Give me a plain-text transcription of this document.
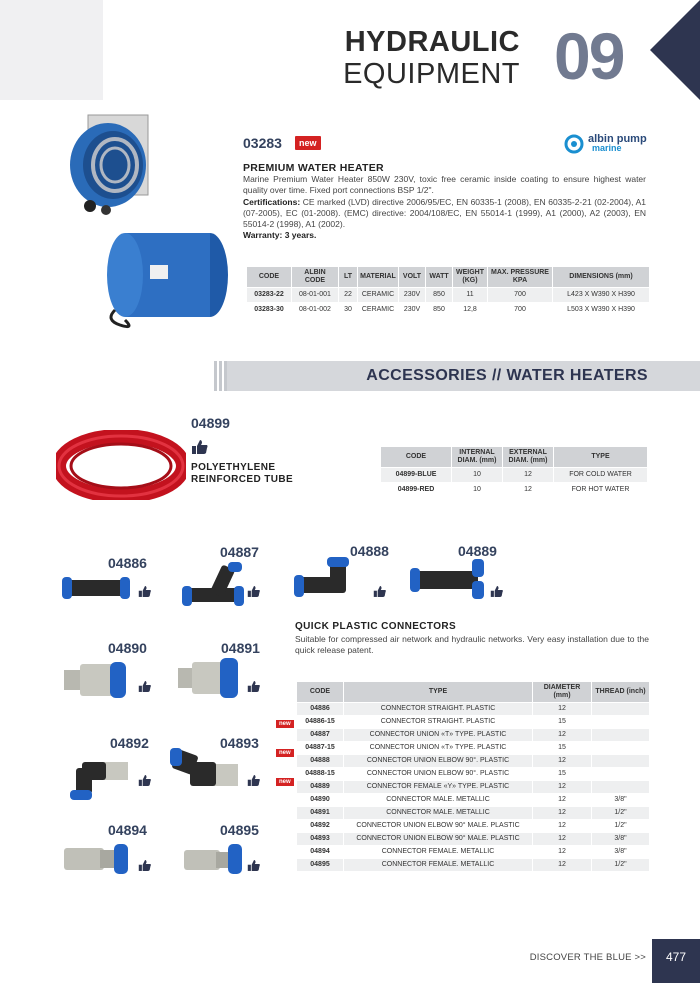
HYDRAULIC
EQUIPMENT 09
03283	new	albin pump
marine
PREMIUM WATER HEATER
Marine Premium Water Heater 850W 230V, toxic free ceramic inside coating to ensure highest water quality over time. Fixed port connections BSP 1/2".
Certifications: CE marked (LVD) directive 2006/95/EC, EN 60335-1 (2008), EN 60335-2-21 (02-2004), A1 (07-2005), EC (01-2008). (EMC) directive: 2004/108/EC, EN 55014-1 (1999), A1 (2000), A2 (2003), EN 55014-2 (1998), A1 (2002).
Warranty: 3 years.
CODE	ALBIN CODE	LT	MATERIAL	VOLT	WATT	WEIGHT (KG)	MAX. PRESSURE KPA	DIMENSIONS (mm)
03283-22	08-01-001	22	CERAMIC	230V	850	11	700	L423 X W390 X H390
03283-30	08-01-002	30	CERAMIC	230V	850	12,8	700	L503 X W390 X H390
ACCESSORIES // WATER HEATERS
04899
POLYETHYLENE
REINFORCED TUBE
CODE	INTERNAL DIAM. (mm)	EXTERNAL DIAM. (mm)	TYPE
04899-BLUE	10	12	FOR COLD WATER
04899-RED	10	12	FOR HOT WATER
04886
04887	04888	04889
04890	04891
04892	04893
04894	04895
QUICK PLASTIC CONNECTORS
Suitable for compressed air network and hydraulic networks. Very easy installation due to the quick release patent.
new
new
new
CODE	TYPE	DIAMETER (mm)	THREAD (inch)
04886	CONNECTOR STRAIGHT. PLASTIC	12	
04886-15	CONNECTOR STRAIGHT. PLASTIC	15	
04887	CONNECTOR UNION «T» TYPE. PLASTIC	12	
04887-15	CONNECTOR UNION «T» TYPE. PLASTIC	15	
04888	CONNECTOR UNION ELBOW 90°. PLASTIC	12	
04888-15	CONNECTOR UNION ELBOW 90°. PLASTIC	15	
04889	CONNECTOR FEMALE «Y» TYPE. PLASTIC	12	
04890	CONNECTOR MALE. METALLIC	12	3/8"
04891	CONNECTOR MALE. METALLIC	12	1/2"
04892	CONNECTOR UNION ELBOW 90° MALE. PLASTIC	12	1/2"
04893	CONNECTOR UNION ELBOW 90° MALE. PLASTIC	12	3/8"
04894	CONNECTOR FEMALE. METALLIC	12	3/8"
04895	CONNECTOR FEMALE. METALLIC	12	1/2"
DISCOVER THE BLUE >>	477
